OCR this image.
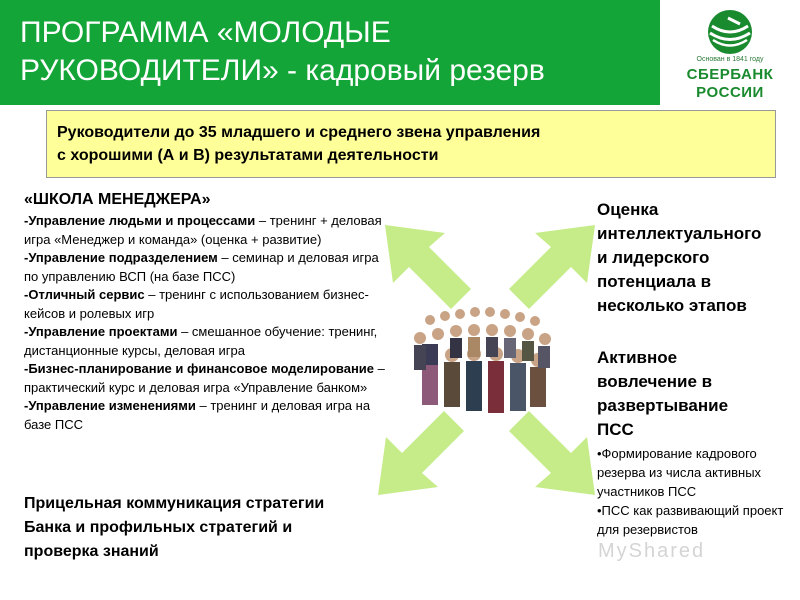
ПРОГРАММА «МОЛОДЫЕ
РУКОВОДИТЕЛИ» - кадровый резерв	Основан в 1841 году
СБЕРБАНК
РОССИИ
Руководители до 35 младшего и среднего звена управления
с хорошими (А и В) результатами деятельности
«ШКОЛА МЕНЕДЖЕРА»
-Управление людьми и процессами – тренинг + деловая игра «Менеджер и команда» (оценка + развитие)
-Управление подразделением – семинар и деловая игра по управлению ВСП (на базе ПСС)
-Отличный сервис – тренинг с использованием бизнес-кейсов и ролевых игр
-Управление проектами – смешанное обучение: тренинг, дистанционные курсы, деловая игра
-Бизнес-планирование и финансовое моделирование – практический курс и деловая игра «Управление банком»
-Управление изменениями – тренинг и деловая игра на базе ПСС
Прицельная коммуникация стратегии
Банка и профильных стратегий и
проверка знаний
Оценка
интеллектуального
и лидерского
потенциала в
несколько этапов
Активное
вовлечение в
развертывание
ПСС
•Формирование кадрового резерва из числа активных участников ПСС
•ПСС как развивающий проект для резервистов
MyShared
